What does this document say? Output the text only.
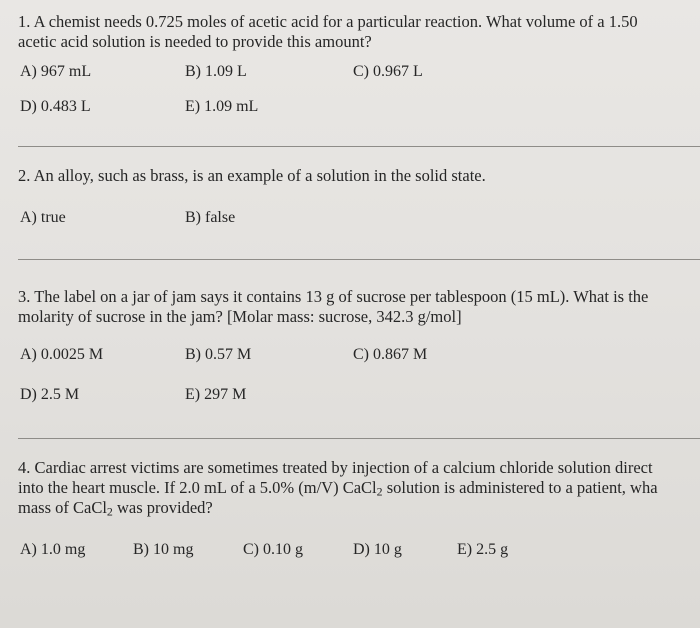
1. A chemist needs 0.725 moles of acetic acid for a particular reaction. What volume of a 1.50
acetic acid solution is needed to provide this amount?
A) 967 mL	B) 1.09 L	C) 0.967 L
D) 0.483 L	E) 1.09 mL
2. An alloy, such as brass, is an example of a solution in the solid state.
A) true	B) false
3. The label on a jar of jam says it contains 13 g of sucrose per tablespoon (15 mL). What is the
molarity of sucrose in the jam? [Molar mass: sucrose, 342.3 g/mol]
A) 0.0025 M	B) 0.57 M	C) 0.867 M
D) 2.5 M	E) 297 M
4. Cardiac arrest victims are sometimes treated by injection of a calcium chloride solution direct
into the heart muscle. If 2.0 mL of a 5.0% (m/V) CaCl$_2$ solution is administered to a patient, wha
mass of CaCl$_2$ was provided?
A) 1.0 mg	B) 10 mg	C) 0.10 g	D) 10 g	E) 2.5 g
